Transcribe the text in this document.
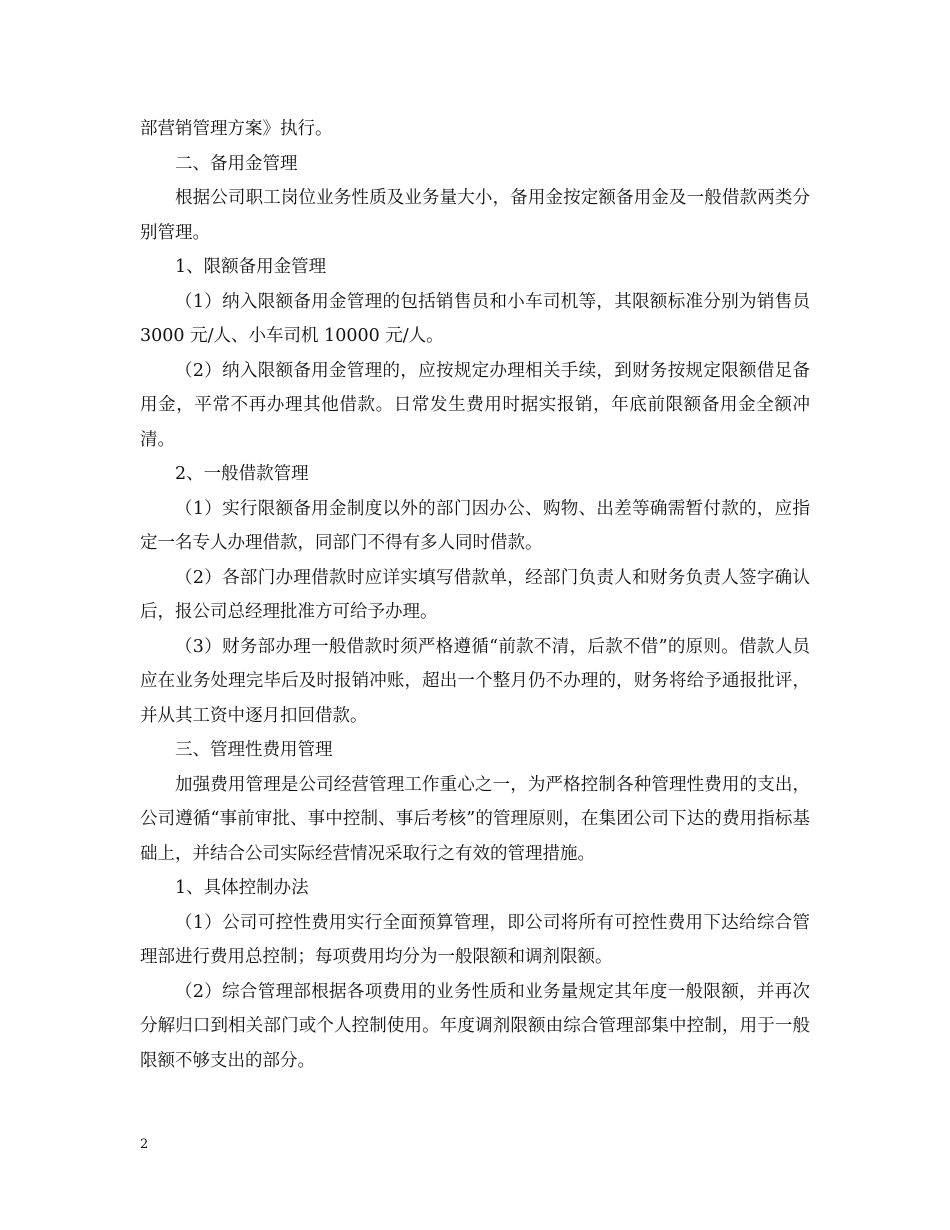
部营销管理方案》执行。

二、备用金管理

根据公司职工岗位业务性质及业务量大小，备用金按定额备用金及一般借款两类分别管理。

1、限额备用金管理

（1）纳入限额备用金管理的包括销售员和小车司机等，其限额标准分别为销售员 3000 元/人、小车司机 10000 元/人。

（2）纳入限额备用金管理的，应按规定办理相关手续，到财务按规定限额借足备用金，平常不再办理其他借款。日常发生费用时据实报销，年底前限额备用金全额冲清。

2、一般借款管理

（1）实行限额备用金制度以外的部门因办公、购物、出差等确需暂付款的，应指定一名专人办理借款，同部门不得有多人同时借款。

（2）各部门办理借款时应详实填写借款单，经部门负责人和财务负责人签字确认后，报公司总经理批准方可给予办理。

（3）财务部办理一般借款时须严格遵循“前款不清，后款不借”的原则。借款人员应在业务处理完毕后及时报销冲账，超出一个整月仍不办理的，财务将给予通报批评，并从其工资中逐月扣回借款。

三、管理性费用管理

加强费用管理是公司经营管理工作重心之一，为严格控制各种管理性费用的支出，公司遵循“事前审批、事中控制、事后考核”的管理原则，在集团公司下达的费用指标基础上，并结合公司实际经营情况采取行之有效的管理措施。

1、具体控制办法

（1）公司可控性费用实行全面预算管理，即公司将所有可控性费用下达给综合管理部进行费用总控制；每项费用均分为一般限额和调剂限额。

（2）综合管理部根据各项费用的业务性质和业务量规定其年度一般限额，并再次分解归口到相关部门或个人控制使用。年度调剂限额由综合管理部集中控制，用于一般限额不够支出的部分。

2
